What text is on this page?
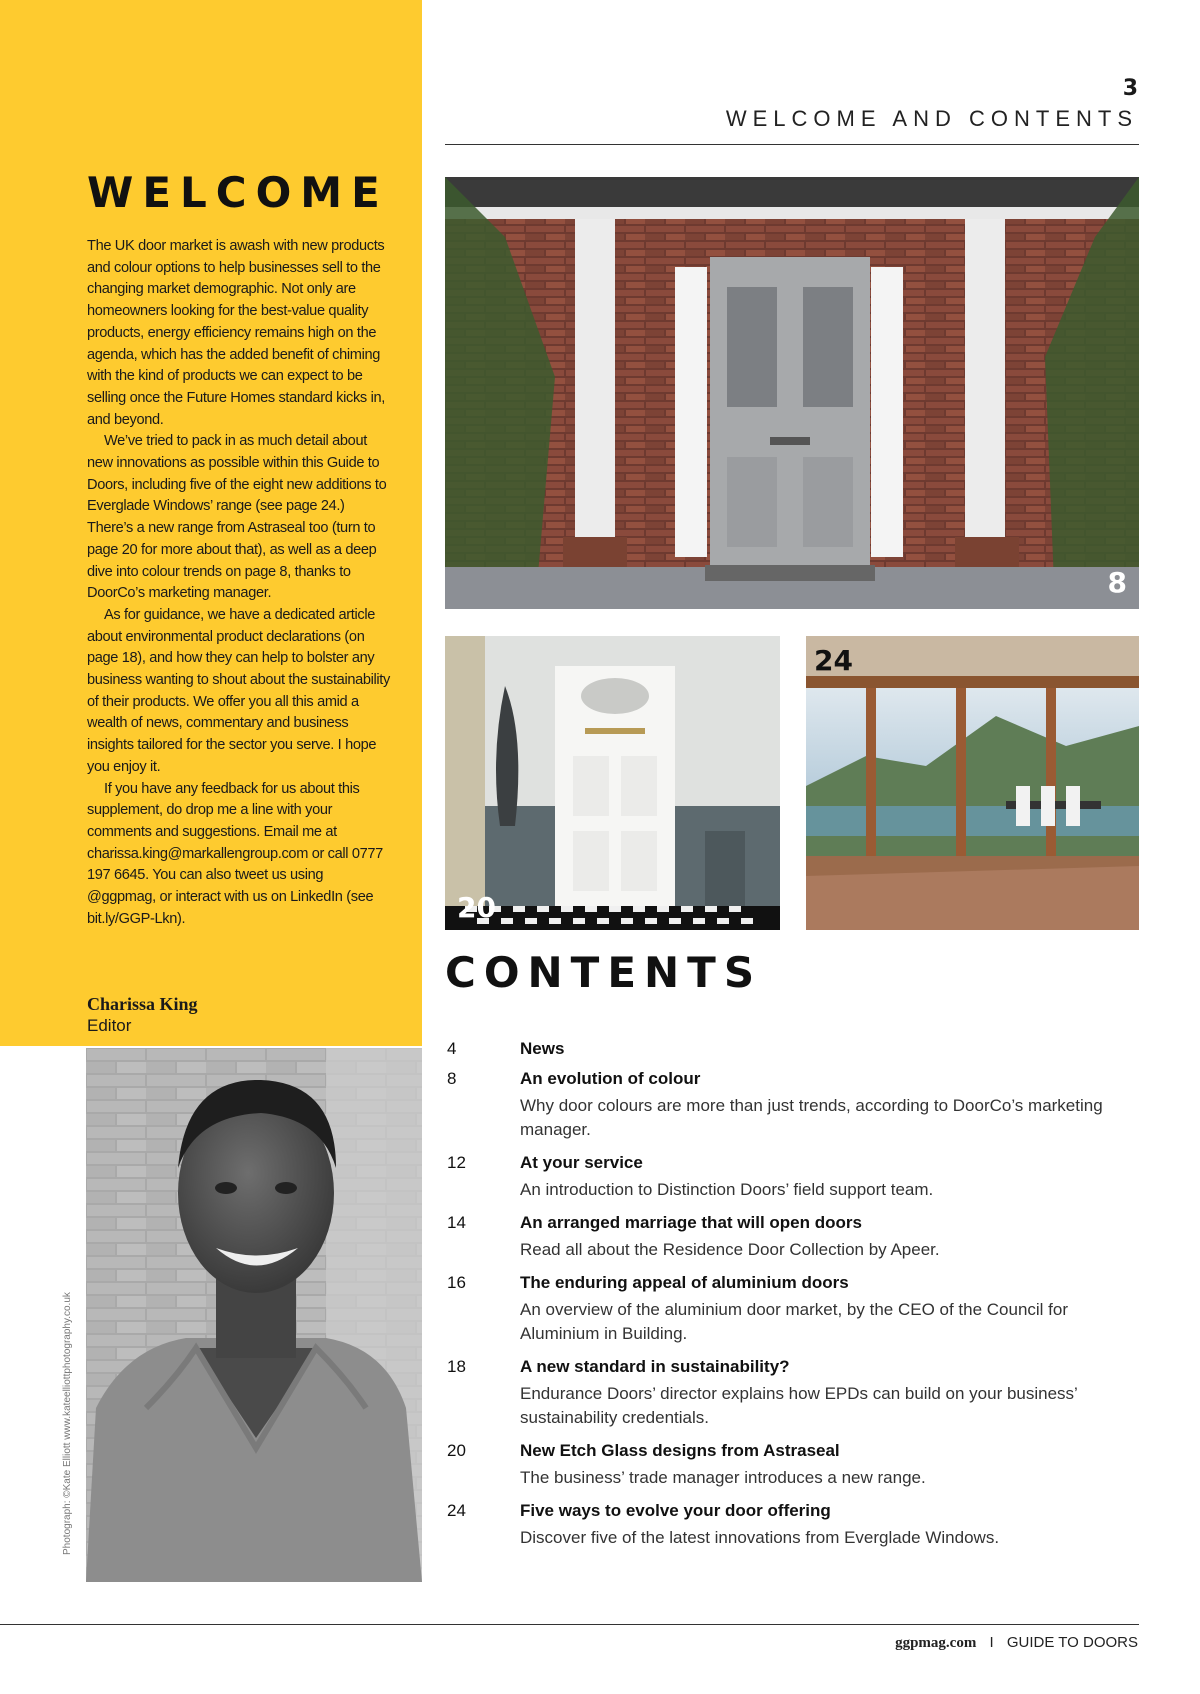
WELCOME

The UK door market is awash with new products and colour options to help businesses sell to the changing market demographic. Not only are homeowners looking for the best-value quality products, energy efficiency remains high on the agenda, which has the added benefit of chiming with the kind of products we can expect to be selling once the Future Homes standard kicks in, and beyond.

We’ve tried to pack in as much detail about new innovations as possible within this Guide to Doors, including five of the eight new additions to Everglade Windows’ range (see page 24.) There’s a new range from Astraseal too (turn to page 20 for more about that), as well as a deep dive into colour trends on page 8, thanks to DoorCo’s marketing manager.

As for guidance, we have a dedicated article about environmental product declarations (on page 18), and how they can help to bolster any business wanting to shout about the sustainability of their products. We offer you all this amid a wealth of news, commentary and business insights tailored for the sector you serve. I hope you enjoy it.

If you have any feedback for us about this supplement, do drop me a line with your comments and suggestions. Email me at charissa.king@markallengroup.com or call 0777 197 6645. You can also tweet us using @ggpmag, or interact with us on LinkedIn (see bit.ly/GGP-Lkn).

Charissa King
Editor
Photograph: ©Kate Elliott www.kateelliottphotography.co.uk
3
WELCOME AND CONTENTS
8
20
24
CONTENTS
4	News
8	An evolution of colour
Why door colours are more than just trends, according to DoorCo’s marketing manager.
12	At your service
An introduction to Distinction Doors’ field support team.
14	An arranged marriage that will open doors
Read all about the Residence Door Collection by Apeer.
16	The enduring appeal of aluminium doors
An overview of the aluminium door market, by the CEO of the Council for Aluminium in Building.
18	A new standard in sustainability?
Endurance Doors’ director explains how EPDs can build on your business’ sustainability credentials.
20	New Etch Glass designs from Astraseal
The business’ trade manager introduces a new range.
24	Five ways to evolve your door offering
Discover five of the latest innovations from Everglade Windows.
ggpmag.com I GUIDE TO DOORS
